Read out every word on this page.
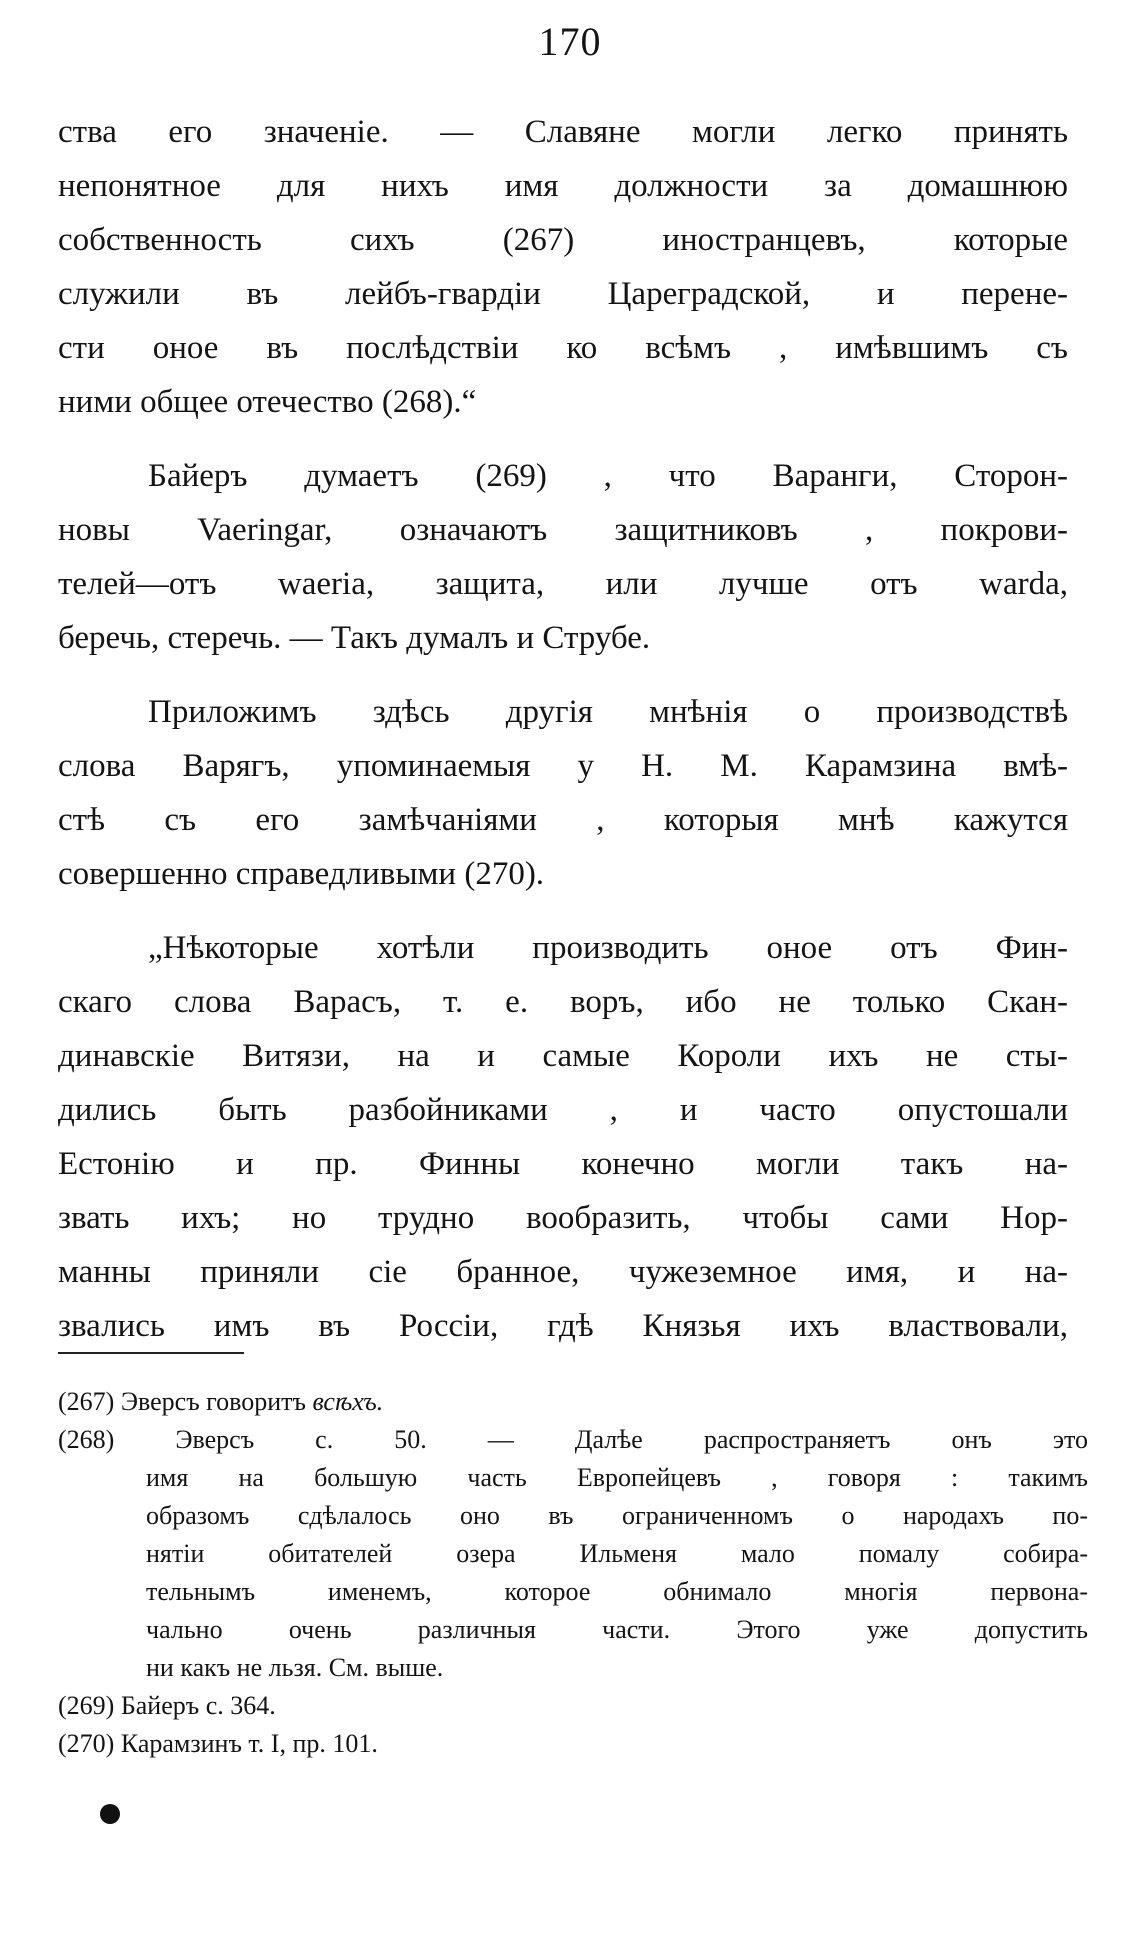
170
ства его значеніе. — Славяне могли легко принять
непонятное для нихъ имя должности за домашнюю
собственность сихъ (267) иностранцевъ, которые
служили въ лейбъ-гвардіи Цареградской, и перене-
сти оное въ послѣдствіи ко всѣмъ , имѣвшимъ съ
ними общее отечество (268).“
Байеръ думаетъ (269) , что Варанги, Сторон-
новы Vaeringar, означаютъ защитниковъ , покрови-
телей—отъ waeria, защита, или лучше отъ warda,
беречь, стеречь. — Такъ думалъ и Струбе.
Приложимъ здѣсь другія мнѣнія о производствѣ
слова Варягъ, упоминаемыя у Н. М. Карамзина вмѣ-
стѣ съ его замѣчаніями , которыя мнѣ кажутся
совершенно справедливыми (270).
„Нѣкоторые хотѣли производить оное отъ Фин-
скаго слова Варасъ, т. е. воръ, ибо не только Скан-
динавскіе Витязи, на и самые Короли ихъ не сты-
дились быть разбойниками , и часто опустошали
Естонію и пр. Финны конечно могли такъ на-
звать ихъ; но трудно вообразить, чтобы сами Нор-
манны приняли сіе бранное, чужеземное имя, и на-
звались имъ въ Россіи, гдѣ Князья ихъ властвовали,
(267) Эверсъ говоритъ всѣхъ.
(268) Эверсъ с. 50. — Далѣе распространяетъ онъ это
имя на большую часть Европейцевъ , говоря : такимъ
образомъ сдѣлалось оно въ ограниченномъ о народахъ по-
нятіи обитателей озера Ильменя мало помалу собира-
тельнымъ именемъ, которое обнимало многія первона-
чально очень различныя части. Этого уже допустить
ни какъ не льзя. См. выше.
(269) Байеръ с. 364.
(270) Карамзинъ т. I, пр. 101.
